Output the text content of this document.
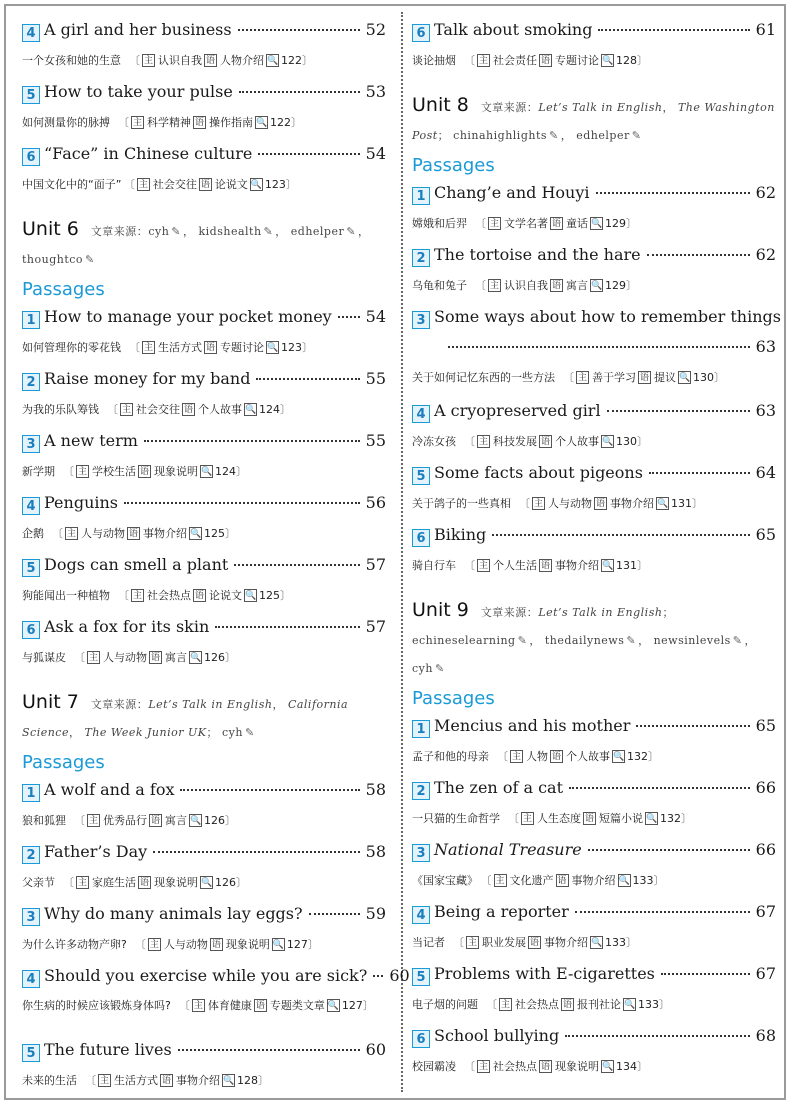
4 A girl and her business	52
一个女孩和她的生意 〔 主 认识自我 语 人物介绍 🔍 122〕
5 How to take your pulse	53
如何测量你的脉搏 〔 主 科学精神 语 操作指南 🔍 122〕
6 “Face” in Chinese culture	54
中国文化中的“面子” 〔 主 社会交往 语 论说文 🔍 123〕
Unit 6 文章来源：cyh ✎ ， kidshealth ✎ ， edhelper ✎ ， thoughtco ✎
Passages
1 How to manage your pocket money 54
如何管理你的零花钱 〔 主 生活方式 语 专题讨论 🔍 123〕
2 Raise money for my band	55
为我的乐队筹钱 〔 主 社会交往 语 个人故事 🔍 124〕
3 A new term	55
新学期 〔 主 学校生活 语 现象说明 🔍 124〕
4 Penguins	56
企鹅 〔 主 人与动物 语 事物介绍 🔍 125〕
5 Dogs can smell a plant	57
狗能闻出一种植物 〔 主 社会热点 语 论说文 🔍 125〕
6 Ask a fox for its skin	57
与狐谋皮 〔 主 人与动物 语 寓言 🔍 126〕
Unit 7 文章来源：Let’s Talk in English， California Science， The Week Junior UK； cyh ✎
Passages
1 A wolf and a fox	58
狼和狐狸 〔 主 优秀品行 语 寓言 🔍 126〕
2 Father’s Day	58
父亲节 〔 主 家庭生活 语 现象说明 🔍 126〕
3 Why do many animals lay eggs?	59
为什么许多动物产卵? 〔 主 人与动物 语 现象说明 🔍 127〕
4 Should you exercise while you are sick? 60
你生病的时候应该锻炼身体吗? 〔 主 体育健康 语 专题类文章 🔍 127〕
5 The future lives	60
未来的生活 〔 主 生活方式 语 事物介绍 🔍 128〕
6 Talk about smoking	61
谈论抽烟 〔 主 社会责任 语 专题讨论 🔍 128〕
Unit 8 文章来源：Let’s Talk in English， The Washington Post； chinahighlights ✎ ， edhelper ✎
Passages
1 Chang’e and Houyi	62
嫦娥和后羿 〔 主 文学名著 语 童话 🔍 129〕
2 The tortoise and the hare	62
乌龟和兔子 〔 主 认识自我 语 寓言 🔍 129〕
3 Some ways about how to remember things
63
关于如何记忆东西的一些方法 〔 主 善于学习 语 提议 🔍 130〕
4 A cryopreserved girl	63
冷冻女孩 〔 主 科技发展 语 个人故事 🔍 130〕
5 Some facts about pigeons	64
关于鸽子的一些真相 〔 主 人与动物 语 事物介绍 🔍 131〕
6 Biking	65
骑自行车 〔 主 个人生活 语 事物介绍 🔍 131〕
Unit 9 文章来源：Let’s Talk in English； echineselearning ✎ ， thedailynews ✎ ， newsinlevels ✎ ， cyh ✎
Passages
1 Mencius and his mother	65
孟子和他的母亲 〔 主 人物 语 个人故事 🔍 132〕
2 The zen of a cat	66
一只猫的生命哲学 〔 主 人生态度 语 短篇小说 🔍 132〕
3 National Treasure	66
《国家宝藏》 〔 主 文化遗产 语 事物介绍 🔍 133〕
4 Being a reporter	67
当记者 〔 主 职业发展 语 事物介绍 🔍 133〕
5 Problems with E-cigarettes	67
电子烟的问题 〔 主 社会热点 语 报刊社论 🔍 133〕
6 School bullying	68
校园霸凌 〔 主 社会热点 语 现象说明 🔍 134〕
